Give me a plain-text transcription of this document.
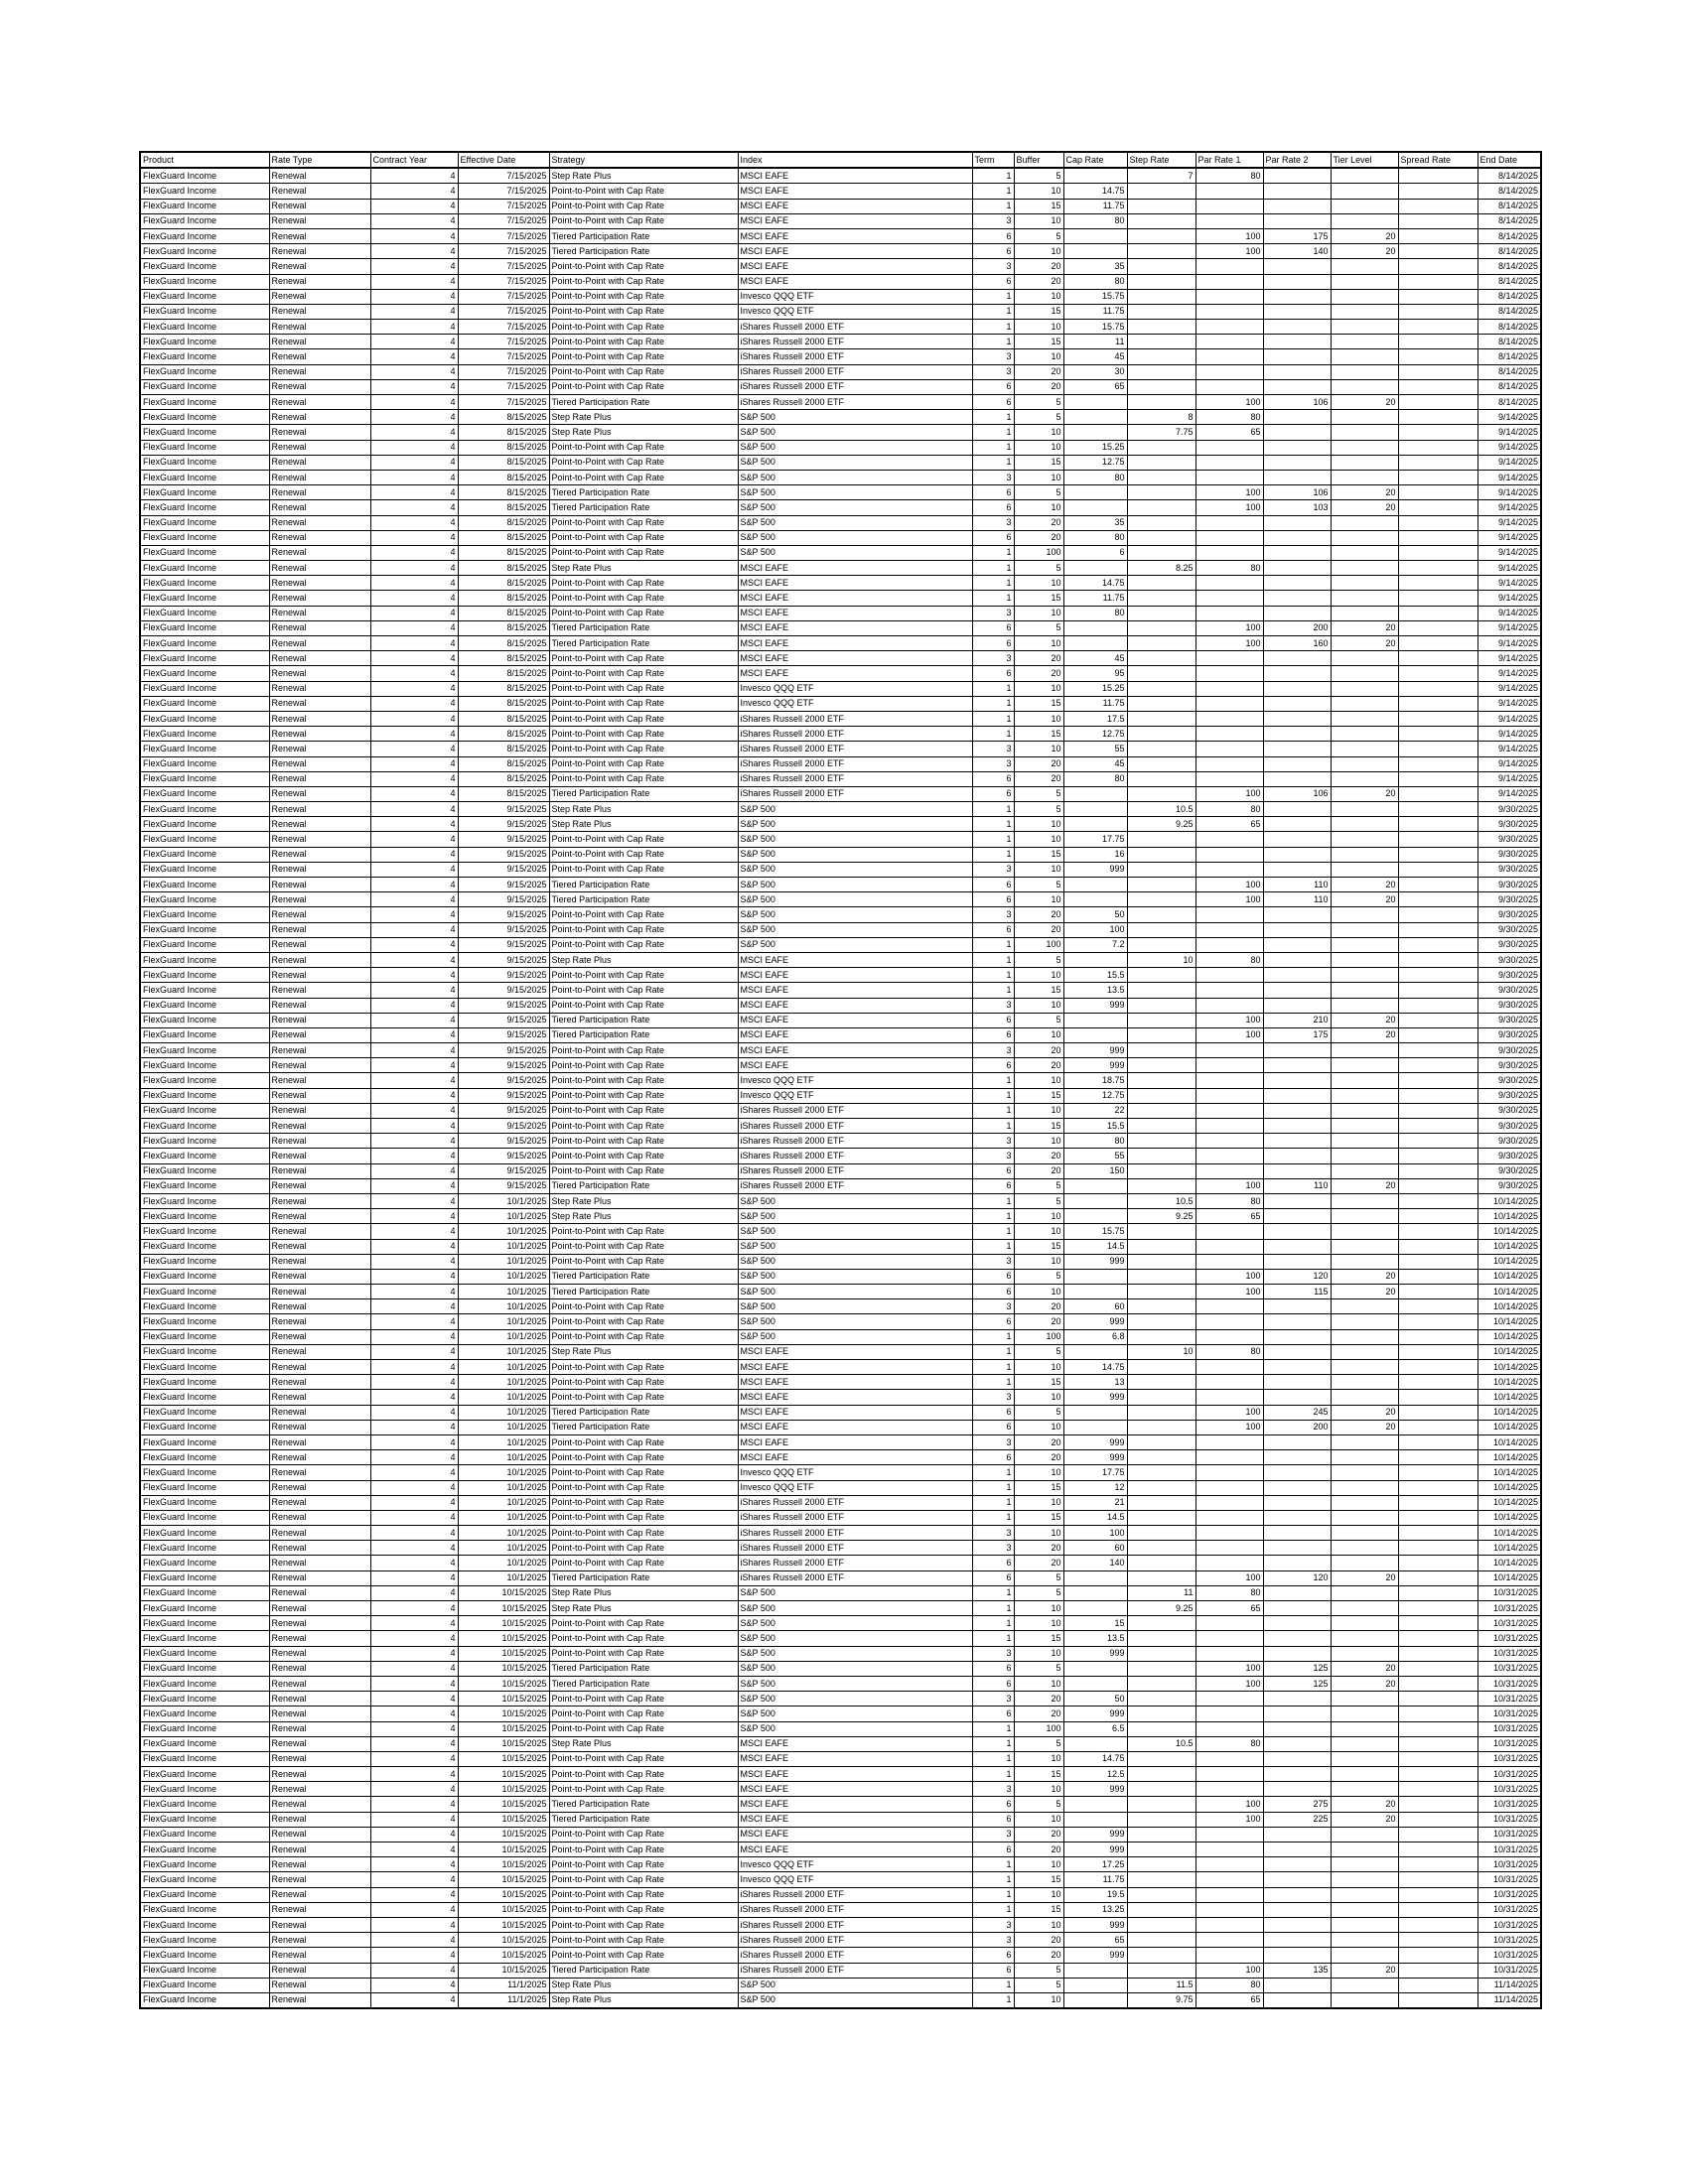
Product	Rate Type	Contract Year	Effective Date	Strategy	Index	Term	Buffer	Cap Rate	Step Rate	Par Rate 1	Par Rate 2	Tier Level	Spread Rate	End Date
FlexGuard Income	Renewal	4	7/15/2025	Step Rate Plus	MSCI EAFE	1	5		7	80				8/14/2025
FlexGuard Income	Renewal	4	7/15/2025	Point-to-Point with Cap Rate	MSCI EAFE	1	10	14.75						8/14/2025
FlexGuard Income	Renewal	4	7/15/2025	Point-to-Point with Cap Rate	MSCI EAFE	1	15	11.75						8/14/2025
FlexGuard Income	Renewal	4	7/15/2025	Point-to-Point with Cap Rate	MSCI EAFE	3	10	80						8/14/2025
FlexGuard Income	Renewal	4	7/15/2025	Tiered Participation Rate	MSCI EAFE	6	5			100	175	20		8/14/2025
FlexGuard Income	Renewal	4	7/15/2025	Tiered Participation Rate	MSCI EAFE	6	10			100	140	20		8/14/2025
FlexGuard Income	Renewal	4	7/15/2025	Point-to-Point with Cap Rate	MSCI EAFE	3	20	35						8/14/2025
FlexGuard Income	Renewal	4	7/15/2025	Point-to-Point with Cap Rate	MSCI EAFE	6	20	80						8/14/2025
FlexGuard Income	Renewal	4	7/15/2025	Point-to-Point with Cap Rate	Invesco QQQ ETF	1	10	15.75						8/14/2025
FlexGuard Income	Renewal	4	7/15/2025	Point-to-Point with Cap Rate	Invesco QQQ ETF	1	15	11.75						8/14/2025
FlexGuard Income	Renewal	4	7/15/2025	Point-to-Point with Cap Rate	iShares Russell 2000 ETF	1	10	15.75						8/14/2025
FlexGuard Income	Renewal	4	7/15/2025	Point-to-Point with Cap Rate	iShares Russell 2000 ETF	1	15	11						8/14/2025
FlexGuard Income	Renewal	4	7/15/2025	Point-to-Point with Cap Rate	iShares Russell 2000 ETF	3	10	45						8/14/2025
FlexGuard Income	Renewal	4	7/15/2025	Point-to-Point with Cap Rate	iShares Russell 2000 ETF	3	20	30						8/14/2025
FlexGuard Income	Renewal	4	7/15/2025	Point-to-Point with Cap Rate	iShares Russell 2000 ETF	6	20	65						8/14/2025
FlexGuard Income	Renewal	4	7/15/2025	Tiered Participation Rate	iShares Russell 2000 ETF	6	5			100	106	20		8/14/2025
FlexGuard Income	Renewal	4	8/15/2025	Step Rate Plus	S&P 500	1	5		8	80				9/14/2025
FlexGuard Income	Renewal	4	8/15/2025	Step Rate Plus	S&P 500	1	10		7.75	65				9/14/2025
FlexGuard Income	Renewal	4	8/15/2025	Point-to-Point with Cap Rate	S&P 500	1	10	15.25						9/14/2025
FlexGuard Income	Renewal	4	8/15/2025	Point-to-Point with Cap Rate	S&P 500	1	15	12.75						9/14/2025
FlexGuard Income	Renewal	4	8/15/2025	Point-to-Point with Cap Rate	S&P 500	3	10	80						9/14/2025
FlexGuard Income	Renewal	4	8/15/2025	Tiered Participation Rate	S&P 500	6	5			100	106	20		9/14/2025
FlexGuard Income	Renewal	4	8/15/2025	Tiered Participation Rate	S&P 500	6	10			100	103	20		9/14/2025
FlexGuard Income	Renewal	4	8/15/2025	Point-to-Point with Cap Rate	S&P 500	3	20	35						9/14/2025
FlexGuard Income	Renewal	4	8/15/2025	Point-to-Point with Cap Rate	S&P 500	6	20	80						9/14/2025
FlexGuard Income	Renewal	4	8/15/2025	Point-to-Point with Cap Rate	S&P 500	1	100	6						9/14/2025
FlexGuard Income	Renewal	4	8/15/2025	Step Rate Plus	MSCI EAFE	1	5		8.25	80				9/14/2025
FlexGuard Income	Renewal	4	8/15/2025	Point-to-Point with Cap Rate	MSCI EAFE	1	10	14.75						9/14/2025
FlexGuard Income	Renewal	4	8/15/2025	Point-to-Point with Cap Rate	MSCI EAFE	1	15	11.75						9/14/2025
FlexGuard Income	Renewal	4	8/15/2025	Point-to-Point with Cap Rate	MSCI EAFE	3	10	80						9/14/2025
FlexGuard Income	Renewal	4	8/15/2025	Tiered Participation Rate	MSCI EAFE	6	5			100	200	20		9/14/2025
FlexGuard Income	Renewal	4	8/15/2025	Tiered Participation Rate	MSCI EAFE	6	10			100	160	20		9/14/2025
FlexGuard Income	Renewal	4	8/15/2025	Point-to-Point with Cap Rate	MSCI EAFE	3	20	45						9/14/2025
FlexGuard Income	Renewal	4	8/15/2025	Point-to-Point with Cap Rate	MSCI EAFE	6	20	95						9/14/2025
FlexGuard Income	Renewal	4	8/15/2025	Point-to-Point with Cap Rate	Invesco QQQ ETF	1	10	15.25						9/14/2025
FlexGuard Income	Renewal	4	8/15/2025	Point-to-Point with Cap Rate	Invesco QQQ ETF	1	15	11.75						9/14/2025
FlexGuard Income	Renewal	4	8/15/2025	Point-to-Point with Cap Rate	iShares Russell 2000 ETF	1	10	17.5						9/14/2025
FlexGuard Income	Renewal	4	8/15/2025	Point-to-Point with Cap Rate	iShares Russell 2000 ETF	1	15	12.75						9/14/2025
FlexGuard Income	Renewal	4	8/15/2025	Point-to-Point with Cap Rate	iShares Russell 2000 ETF	3	10	55						9/14/2025
FlexGuard Income	Renewal	4	8/15/2025	Point-to-Point with Cap Rate	iShares Russell 2000 ETF	3	20	45						9/14/2025
FlexGuard Income	Renewal	4	8/15/2025	Point-to-Point with Cap Rate	iShares Russell 2000 ETF	6	20	80						9/14/2025
FlexGuard Income	Renewal	4	8/15/2025	Tiered Participation Rate	iShares Russell 2000 ETF	6	5			100	106	20		9/14/2025
FlexGuard Income	Renewal	4	9/15/2025	Step Rate Plus	S&P 500	1	5		10.5	80				9/30/2025
FlexGuard Income	Renewal	4	9/15/2025	Step Rate Plus	S&P 500	1	10		9.25	65				9/30/2025
FlexGuard Income	Renewal	4	9/15/2025	Point-to-Point with Cap Rate	S&P 500	1	10	17.75						9/30/2025
FlexGuard Income	Renewal	4	9/15/2025	Point-to-Point with Cap Rate	S&P 500	1	15	16						9/30/2025
FlexGuard Income	Renewal	4	9/15/2025	Point-to-Point with Cap Rate	S&P 500	3	10	999						9/30/2025
FlexGuard Income	Renewal	4	9/15/2025	Tiered Participation Rate	S&P 500	6	5			100	110	20		9/30/2025
FlexGuard Income	Renewal	4	9/15/2025	Tiered Participation Rate	S&P 500	6	10			100	110	20		9/30/2025
FlexGuard Income	Renewal	4	9/15/2025	Point-to-Point with Cap Rate	S&P 500	3	20	50						9/30/2025
FlexGuard Income	Renewal	4	9/15/2025	Point-to-Point with Cap Rate	S&P 500	6	20	100						9/30/2025
FlexGuard Income	Renewal	4	9/15/2025	Point-to-Point with Cap Rate	S&P 500	1	100	7.2						9/30/2025
FlexGuard Income	Renewal	4	9/15/2025	Step Rate Plus	MSCI EAFE	1	5		10	80				9/30/2025
FlexGuard Income	Renewal	4	9/15/2025	Point-to-Point with Cap Rate	MSCI EAFE	1	10	15.5						9/30/2025
FlexGuard Income	Renewal	4	9/15/2025	Point-to-Point with Cap Rate	MSCI EAFE	1	15	13.5						9/30/2025
FlexGuard Income	Renewal	4	9/15/2025	Point-to-Point with Cap Rate	MSCI EAFE	3	10	999						9/30/2025
FlexGuard Income	Renewal	4	9/15/2025	Tiered Participation Rate	MSCI EAFE	6	5			100	210	20		9/30/2025
FlexGuard Income	Renewal	4	9/15/2025	Tiered Participation Rate	MSCI EAFE	6	10			100	175	20		9/30/2025
FlexGuard Income	Renewal	4	9/15/2025	Point-to-Point with Cap Rate	MSCI EAFE	3	20	999						9/30/2025
FlexGuard Income	Renewal	4	9/15/2025	Point-to-Point with Cap Rate	MSCI EAFE	6	20	999						9/30/2025
FlexGuard Income	Renewal	4	9/15/2025	Point-to-Point with Cap Rate	Invesco QQQ ETF	1	10	18.75						9/30/2025
FlexGuard Income	Renewal	4	9/15/2025	Point-to-Point with Cap Rate	Invesco QQQ ETF	1	15	12.75						9/30/2025
FlexGuard Income	Renewal	4	9/15/2025	Point-to-Point with Cap Rate	iShares Russell 2000 ETF	1	10	22						9/30/2025
FlexGuard Income	Renewal	4	9/15/2025	Point-to-Point with Cap Rate	iShares Russell 2000 ETF	1	15	15.5						9/30/2025
FlexGuard Income	Renewal	4	9/15/2025	Point-to-Point with Cap Rate	iShares Russell 2000 ETF	3	10	80						9/30/2025
FlexGuard Income	Renewal	4	9/15/2025	Point-to-Point with Cap Rate	iShares Russell 2000 ETF	3	20	55						9/30/2025
FlexGuard Income	Renewal	4	9/15/2025	Point-to-Point with Cap Rate	iShares Russell 2000 ETF	6	20	150						9/30/2025
FlexGuard Income	Renewal	4	9/15/2025	Tiered Participation Rate	iShares Russell 2000 ETF	6	5			100	110	20		9/30/2025
FlexGuard Income	Renewal	4	10/1/2025	Step Rate Plus	S&P 500	1	5		10.5	80				10/14/2025
FlexGuard Income	Renewal	4	10/1/2025	Step Rate Plus	S&P 500	1	10		9.25	65				10/14/2025
FlexGuard Income	Renewal	4	10/1/2025	Point-to-Point with Cap Rate	S&P 500	1	10	15.75						10/14/2025
FlexGuard Income	Renewal	4	10/1/2025	Point-to-Point with Cap Rate	S&P 500	1	15	14.5						10/14/2025
FlexGuard Income	Renewal	4	10/1/2025	Point-to-Point with Cap Rate	S&P 500	3	10	999						10/14/2025
FlexGuard Income	Renewal	4	10/1/2025	Tiered Participation Rate	S&P 500	6	5			100	120	20		10/14/2025
FlexGuard Income	Renewal	4	10/1/2025	Tiered Participation Rate	S&P 500	6	10			100	115	20		10/14/2025
FlexGuard Income	Renewal	4	10/1/2025	Point-to-Point with Cap Rate	S&P 500	3	20	60						10/14/2025
FlexGuard Income	Renewal	4	10/1/2025	Point-to-Point with Cap Rate	S&P 500	6	20	999						10/14/2025
FlexGuard Income	Renewal	4	10/1/2025	Point-to-Point with Cap Rate	S&P 500	1	100	6.8						10/14/2025
FlexGuard Income	Renewal	4	10/1/2025	Step Rate Plus	MSCI EAFE	1	5		10	80				10/14/2025
FlexGuard Income	Renewal	4	10/1/2025	Point-to-Point with Cap Rate	MSCI EAFE	1	10	14.75						10/14/2025
FlexGuard Income	Renewal	4	10/1/2025	Point-to-Point with Cap Rate	MSCI EAFE	1	15	13						10/14/2025
FlexGuard Income	Renewal	4	10/1/2025	Point-to-Point with Cap Rate	MSCI EAFE	3	10	999						10/14/2025
FlexGuard Income	Renewal	4	10/1/2025	Tiered Participation Rate	MSCI EAFE	6	5			100	245	20		10/14/2025
FlexGuard Income	Renewal	4	10/1/2025	Tiered Participation Rate	MSCI EAFE	6	10			100	200	20		10/14/2025
FlexGuard Income	Renewal	4	10/1/2025	Point-to-Point with Cap Rate	MSCI EAFE	3	20	999						10/14/2025
FlexGuard Income	Renewal	4	10/1/2025	Point-to-Point with Cap Rate	MSCI EAFE	6	20	999						10/14/2025
FlexGuard Income	Renewal	4	10/1/2025	Point-to-Point with Cap Rate	Invesco QQQ ETF	1	10	17.75						10/14/2025
FlexGuard Income	Renewal	4	10/1/2025	Point-to-Point with Cap Rate	Invesco QQQ ETF	1	15	12						10/14/2025
FlexGuard Income	Renewal	4	10/1/2025	Point-to-Point with Cap Rate	iShares Russell 2000 ETF	1	10	21						10/14/2025
FlexGuard Income	Renewal	4	10/1/2025	Point-to-Point with Cap Rate	iShares Russell 2000 ETF	1	15	14.5						10/14/2025
FlexGuard Income	Renewal	4	10/1/2025	Point-to-Point with Cap Rate	iShares Russell 2000 ETF	3	10	100						10/14/2025
FlexGuard Income	Renewal	4	10/1/2025	Point-to-Point with Cap Rate	iShares Russell 2000 ETF	3	20	60						10/14/2025
FlexGuard Income	Renewal	4	10/1/2025	Point-to-Point with Cap Rate	iShares Russell 2000 ETF	6	20	140						10/14/2025
FlexGuard Income	Renewal	4	10/1/2025	Tiered Participation Rate	iShares Russell 2000 ETF	6	5			100	120	20		10/14/2025
FlexGuard Income	Renewal	4	10/15/2025	Step Rate Plus	S&P 500	1	5		11	80				10/31/2025
FlexGuard Income	Renewal	4	10/15/2025	Step Rate Plus	S&P 500	1	10		9.25	65				10/31/2025
FlexGuard Income	Renewal	4	10/15/2025	Point-to-Point with Cap Rate	S&P 500	1	10	15						10/31/2025
FlexGuard Income	Renewal	4	10/15/2025	Point-to-Point with Cap Rate	S&P 500	1	15	13.5						10/31/2025
FlexGuard Income	Renewal	4	10/15/2025	Point-to-Point with Cap Rate	S&P 500	3	10	999						10/31/2025
FlexGuard Income	Renewal	4	10/15/2025	Tiered Participation Rate	S&P 500	6	5			100	125	20		10/31/2025
FlexGuard Income	Renewal	4	10/15/2025	Tiered Participation Rate	S&P 500	6	10			100	125	20		10/31/2025
FlexGuard Income	Renewal	4	10/15/2025	Point-to-Point with Cap Rate	S&P 500	3	20	50						10/31/2025
FlexGuard Income	Renewal	4	10/15/2025	Point-to-Point with Cap Rate	S&P 500	6	20	999						10/31/2025
FlexGuard Income	Renewal	4	10/15/2025	Point-to-Point with Cap Rate	S&P 500	1	100	6.5						10/31/2025
FlexGuard Income	Renewal	4	10/15/2025	Step Rate Plus	MSCI EAFE	1	5		10.5	80				10/31/2025
FlexGuard Income	Renewal	4	10/15/2025	Point-to-Point with Cap Rate	MSCI EAFE	1	10	14.75						10/31/2025
FlexGuard Income	Renewal	4	10/15/2025	Point-to-Point with Cap Rate	MSCI EAFE	1	15	12.5						10/31/2025
FlexGuard Income	Renewal	4	10/15/2025	Point-to-Point with Cap Rate	MSCI EAFE	3	10	999						10/31/2025
FlexGuard Income	Renewal	4	10/15/2025	Tiered Participation Rate	MSCI EAFE	6	5			100	275	20		10/31/2025
FlexGuard Income	Renewal	4	10/15/2025	Tiered Participation Rate	MSCI EAFE	6	10			100	225	20		10/31/2025
FlexGuard Income	Renewal	4	10/15/2025	Point-to-Point with Cap Rate	MSCI EAFE	3	20	999						10/31/2025
FlexGuard Income	Renewal	4	10/15/2025	Point-to-Point with Cap Rate	MSCI EAFE	6	20	999						10/31/2025
FlexGuard Income	Renewal	4	10/15/2025	Point-to-Point with Cap Rate	Invesco QQQ ETF	1	10	17.25						10/31/2025
FlexGuard Income	Renewal	4	10/15/2025	Point-to-Point with Cap Rate	Invesco QQQ ETF	1	15	11.75						10/31/2025
FlexGuard Income	Renewal	4	10/15/2025	Point-to-Point with Cap Rate	iShares Russell 2000 ETF	1	10	19.5						10/31/2025
FlexGuard Income	Renewal	4	10/15/2025	Point-to-Point with Cap Rate	iShares Russell 2000 ETF	1	15	13.25						10/31/2025
FlexGuard Income	Renewal	4	10/15/2025	Point-to-Point with Cap Rate	iShares Russell 2000 ETF	3	10	999						10/31/2025
FlexGuard Income	Renewal	4	10/15/2025	Point-to-Point with Cap Rate	iShares Russell 2000 ETF	3	20	65						10/31/2025
FlexGuard Income	Renewal	4	10/15/2025	Point-to-Point with Cap Rate	iShares Russell 2000 ETF	6	20	999						10/31/2025
FlexGuard Income	Renewal	4	10/15/2025	Tiered Participation Rate	iShares Russell 2000 ETF	6	5			100	135	20		10/31/2025
FlexGuard Income	Renewal	4	11/1/2025	Step Rate Plus	S&P 500	1	5		11.5	80				11/14/2025
FlexGuard Income	Renewal	4	11/1/2025	Step Rate Plus	S&P 500	1	10		9.75	65				11/14/2025
